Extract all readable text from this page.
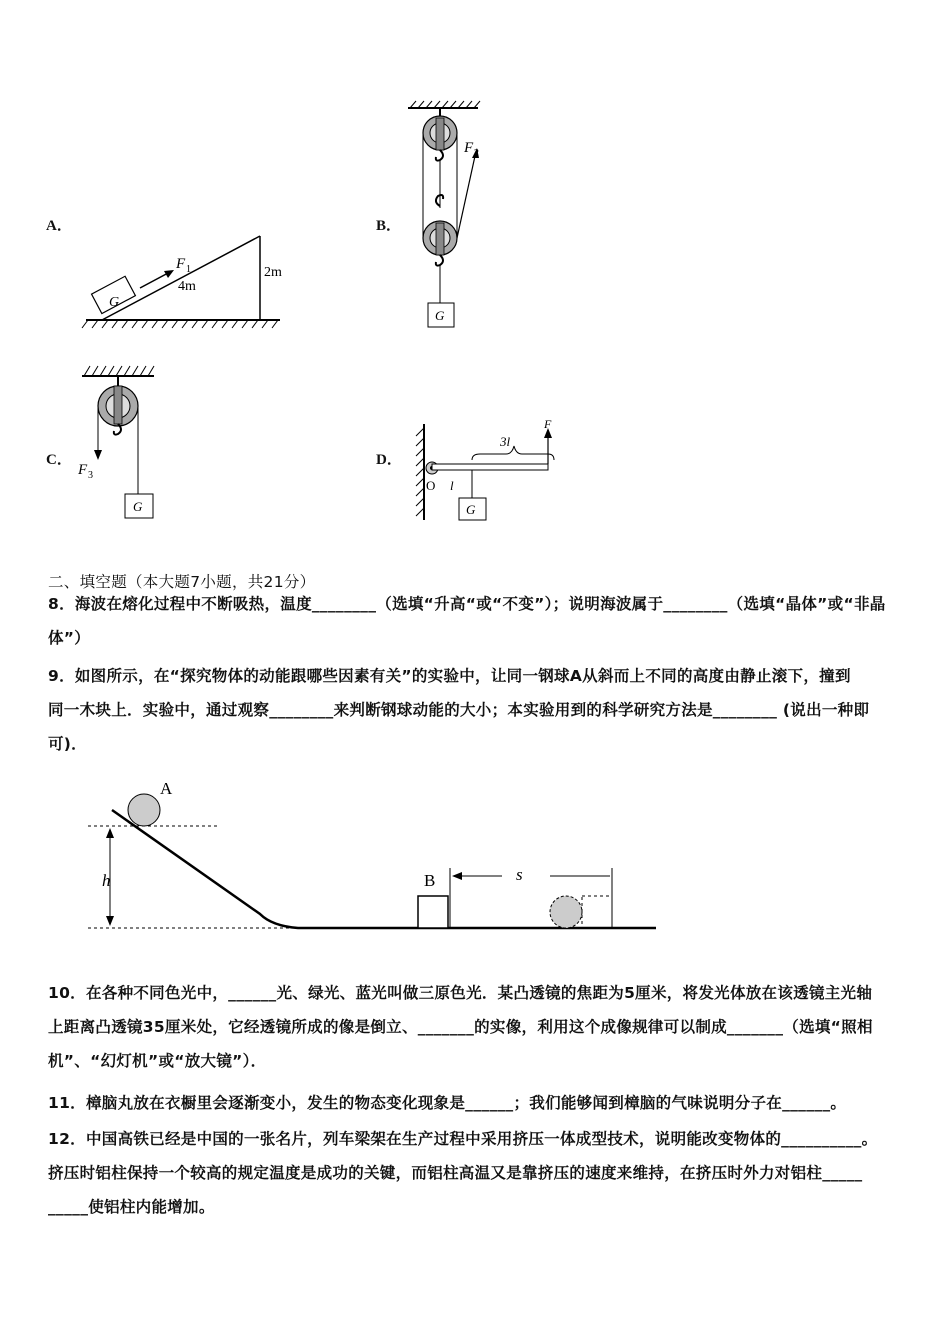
A．
G
F 1
4m
2m
B．
F 2
G
C．
F 3
G
D．
O
3l
F
l
G
二、填空题（本大题7小题，共21分）
8．海波在熔化过程中不断吸热，温度________（选填“升高“或“不变”）；说明海波属于________（选填“晶体”或“非晶
体”）
9．如图所示，在“探究物体的动能跟哪些因素有关”的实验中，让同一钢球A从斜而上不同的高度由静止滚下，撞到
同一木块上．实验中，通过观察________来判断钢球动能的大小；本实验用到的科学研究方法是________ (说出一种即
可)．
A
h	B	s
10．在各种不同色光中，______光、绿光、蓝光叫做三原色光．某凸透镜的焦距为5厘米，将发光体放在该透镜主光轴
上距离凸透镜35厘米处，它经透镜所成的像是倒立、_______的实像，利用这个成像规律可以制成_______（选填“照相
机”、“幻灯机”或“放大镜”）．
11．樟脑丸放在衣橱里会逐渐变小，发生的物态变化现象是______；我们能够闻到樟脑的气味说明分子在______。
12．中国高铁已经是中国的一张名片，列车梁架在生产过程中采用挤压一体成型技术，说明能改变物体的__________。
挤压时铝柱保持一个较高的规定温度是成功的关键，而铝柱高温又是靠挤压的速度来维持，在挤压时外力对铝柱_____
_____使铝柱内能增加。
